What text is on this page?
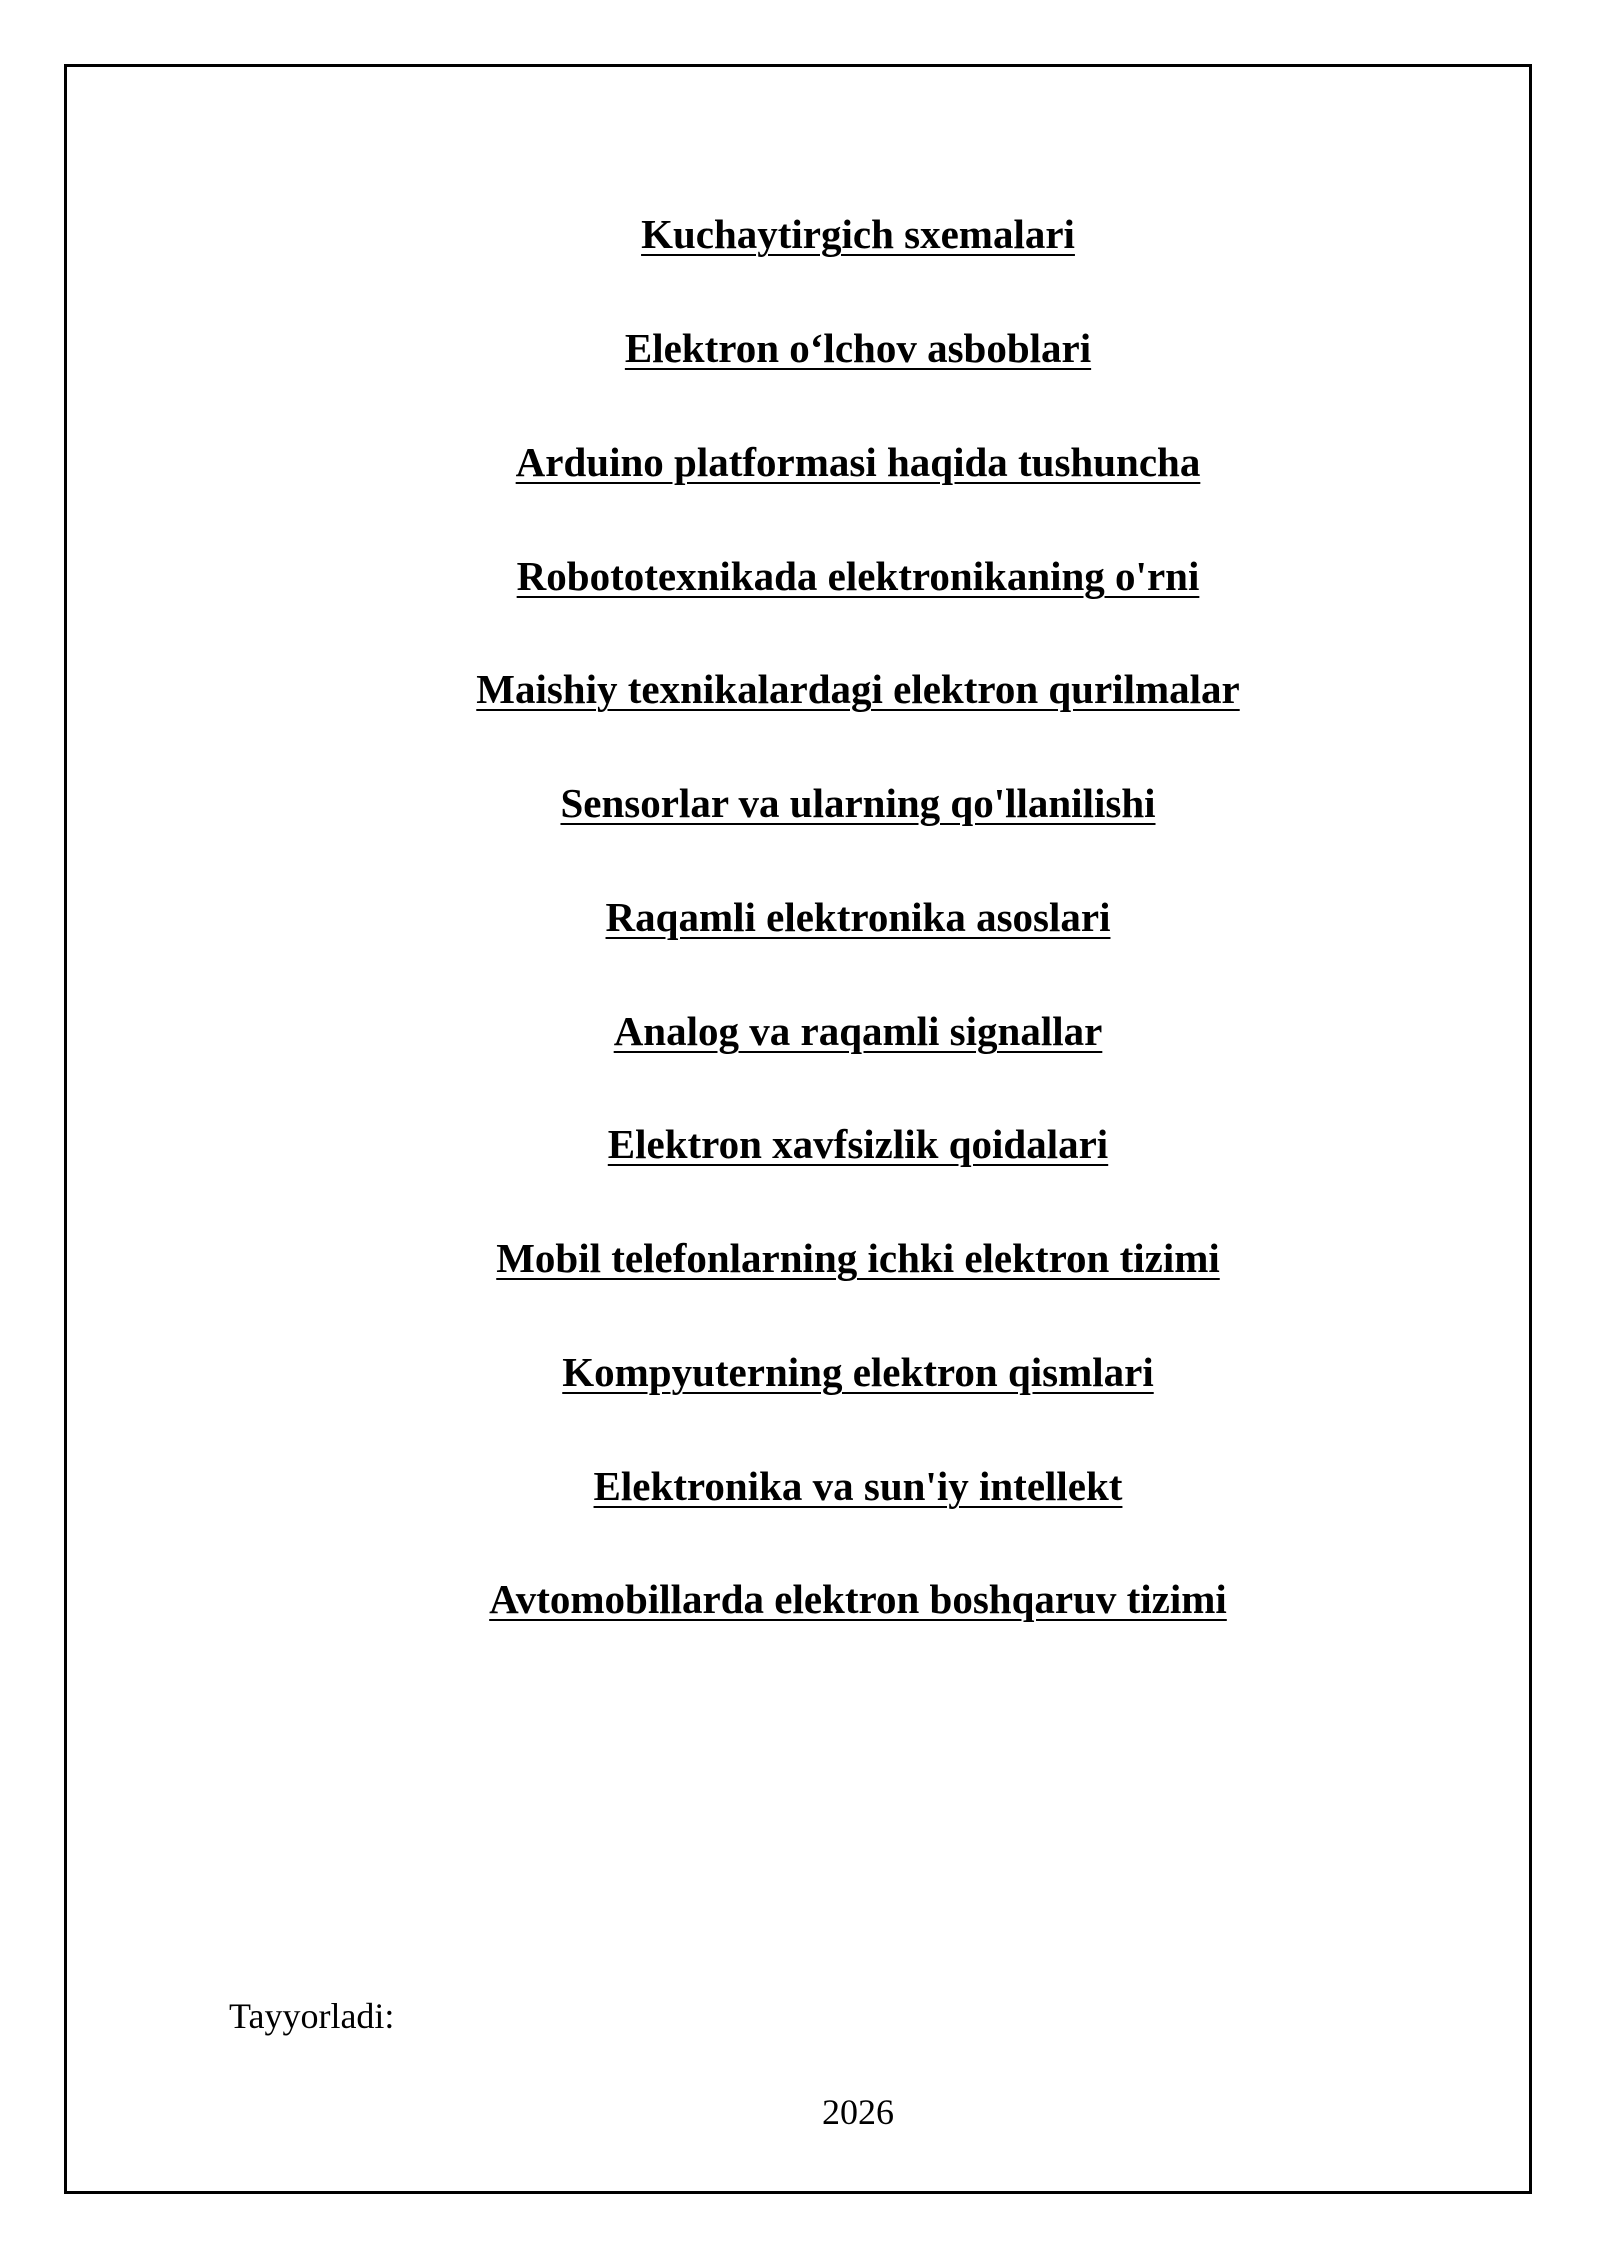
Kuchaytirgich sxemalari
Elektron o‘lchov asboblari
Arduino platformasi haqida tushuncha
Robototexnikada elektronikaning o'rni
Maishiy texnikalardagi elektron qurilmalar
Sensorlar va ularning qo'llanilishi
Raqamli elektronika asoslari
Analog va raqamli signallar
Elektron xavfsizlik qoidalari
Mobil telefonlarning ichki elektron tizimi
Kompyuterning elektron qismlari
Elektronika va sun'iy intellekt
Avtomobillarda elektron boshqaruv tizimi
Tayyorladi:
2026
